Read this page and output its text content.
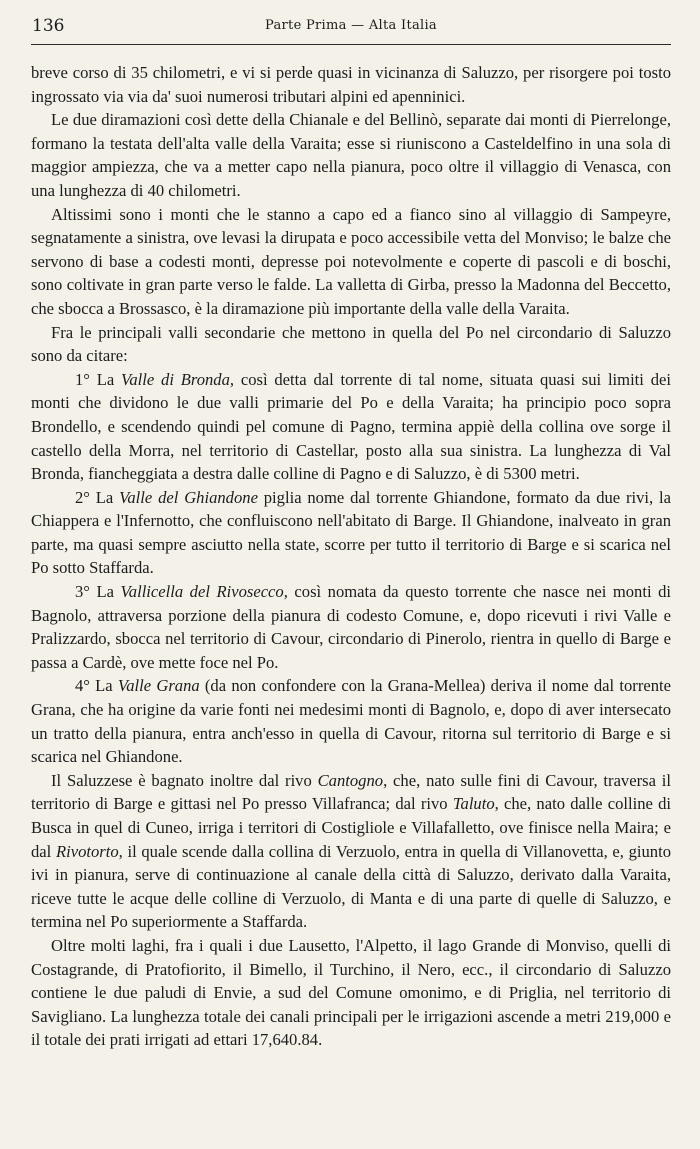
136	Parte Prima — Alta Italia

breve corso di 35 chilometri, e vi si perde quasi in vicinanza di Saluzzo, per risorgere poi tosto ingrossato via via da' suoi numerosi tributari alpini ed apenninici.

Le due diramazioni così dette della Chianale e del Bellinò, separate dai monti di Pierrelonge, formano la testata dell'alta valle della Varaita; esse si riuniscono a Casteldelfino in una sola di maggior ampiezza, che va a metter capo nella pianura, poco oltre il villaggio di Venasca, con una lunghezza di 40 chilometri.

Altissimi sono i monti che le stanno a capo ed a fianco sino al villaggio di Sampeyre, segnatamente a sinistra, ove levasi la dirupata e poco accessibile vetta del Monviso; le balze che servono di base a codesti monti, depresse poi notevolmente e coperte di pascoli e di boschi, sono coltivate in gran parte verso le falde. La valletta di Girba, presso la Madonna del Beccetto, che sbocca a Brossasco, è la diramazione più importante della valle della Varaita.

Fra le principali valli secondarie che mettono in quella del Po nel circondario di Saluzzo sono da citare:

1° La Valle di Bronda, così detta dal torrente di tal nome, situata quasi sui limiti dei monti che dividono le due valli primarie del Po e della Varaita; ha principio poco sopra Brondello, e scendendo quindi pel comune di Pagno, termina appiè della collina ove sorge il castello della Morra, nel territorio di Castellar, posto alla sua sinistra. La lunghezza di Val Bronda, fiancheggiata a destra dalle colline di Pagno e di Saluzzo, è di 5300 metri.

2° La Valle del Ghiandone piglia nome dal torrente Ghiandone, formato da due rivi, la Chiappera e l'Infernotto, che confluiscono nell'abitato di Barge. Il Ghiandone, inalveato in gran parte, ma quasi sempre asciutto nella state, scorre per tutto il territorio di Barge e si scarica nel Po sotto Staffarda.

3° La Vallicella del Rivosecco, così nomata da questo torrente che nasce nei monti di Bagnolo, attraversa porzione della pianura di codesto Comune, e, dopo ricevuti i rivi Valle e Pralizzardo, sbocca nel territorio di Cavour, circondario di Pinerolo, rientra in quello di Barge e passa a Cardè, ove mette foce nel Po.

4° La Valle Grana (da non confondere con la Grana-Mellea) deriva il nome dal torrente Grana, che ha origine da varie fonti nei medesimi monti di Bagnolo, e, dopo di aver intersecato un tratto della pianura, entra anch'esso in quella di Cavour, ritorna sul territorio di Barge e si scarica nel Ghiandone.

Il Saluzzese è bagnato inoltre dal rivo Cantogno, che, nato sulle fini di Cavour, traversa il territorio di Barge e gittasi nel Po presso Villafranca; dal rivo Taluto, che, nato dalle colline di Busca in quel di Cuneo, irriga i territori di Costigliole e Villafalletto, ove finisce nella Maira; e dal Rivotorto, il quale scende dalla collina di Verzuolo, entra in quella di Villanovetta, e, giunto ivi in pianura, serve di continuazione al canale della città di Saluzzo, derivato dalla Varaita, riceve tutte le acque delle colline di Verzuolo, di Manta e di una parte di quelle di Saluzzo, e termina nel Po superiormente a Staffarda.

Oltre molti laghi, fra i quali i due Lausetto, l'Alpetto, il lago Grande di Monviso, quelli di Costagrande, di Pratofiorito, il Bimello, il Turchino, il Nero, ecc., il circondario di Saluzzo contiene le due paludi di Envie, a sud del Comune omonimo, e di Priglia, nel territorio di Savigliano. La lunghezza totale dei canali principali per le irrigazioni ascende a metri 219,000 e il totale dei prati irrigati ad ettari 17,640.84.
